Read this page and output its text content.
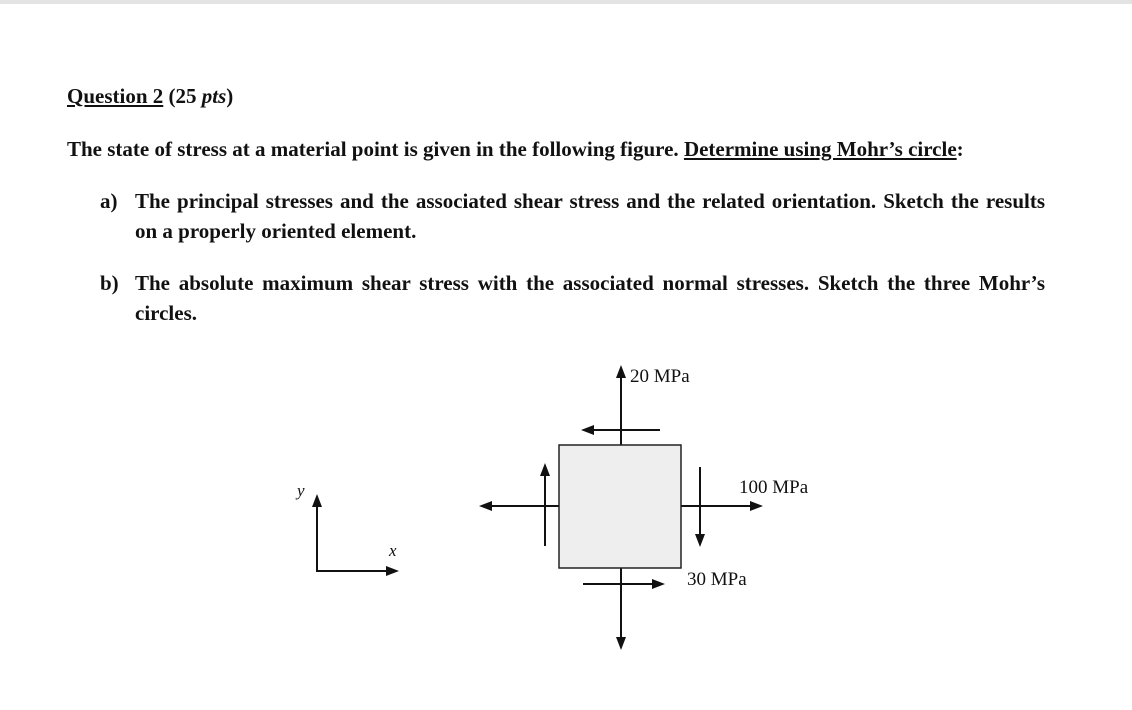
Question 2 (25 pts)
The state of stress at a material point is given in the following figure. Determine using Mohr’s circle:
a) The principal stresses and the associated shear stress and the related orientation. Sketch the results on a properly oriented element.
b) The absolute maximum shear stress with the associated normal stresses. Sketch the three Mohr’s circles.
y
x
20 MPa
100 MPa
30 MPa
